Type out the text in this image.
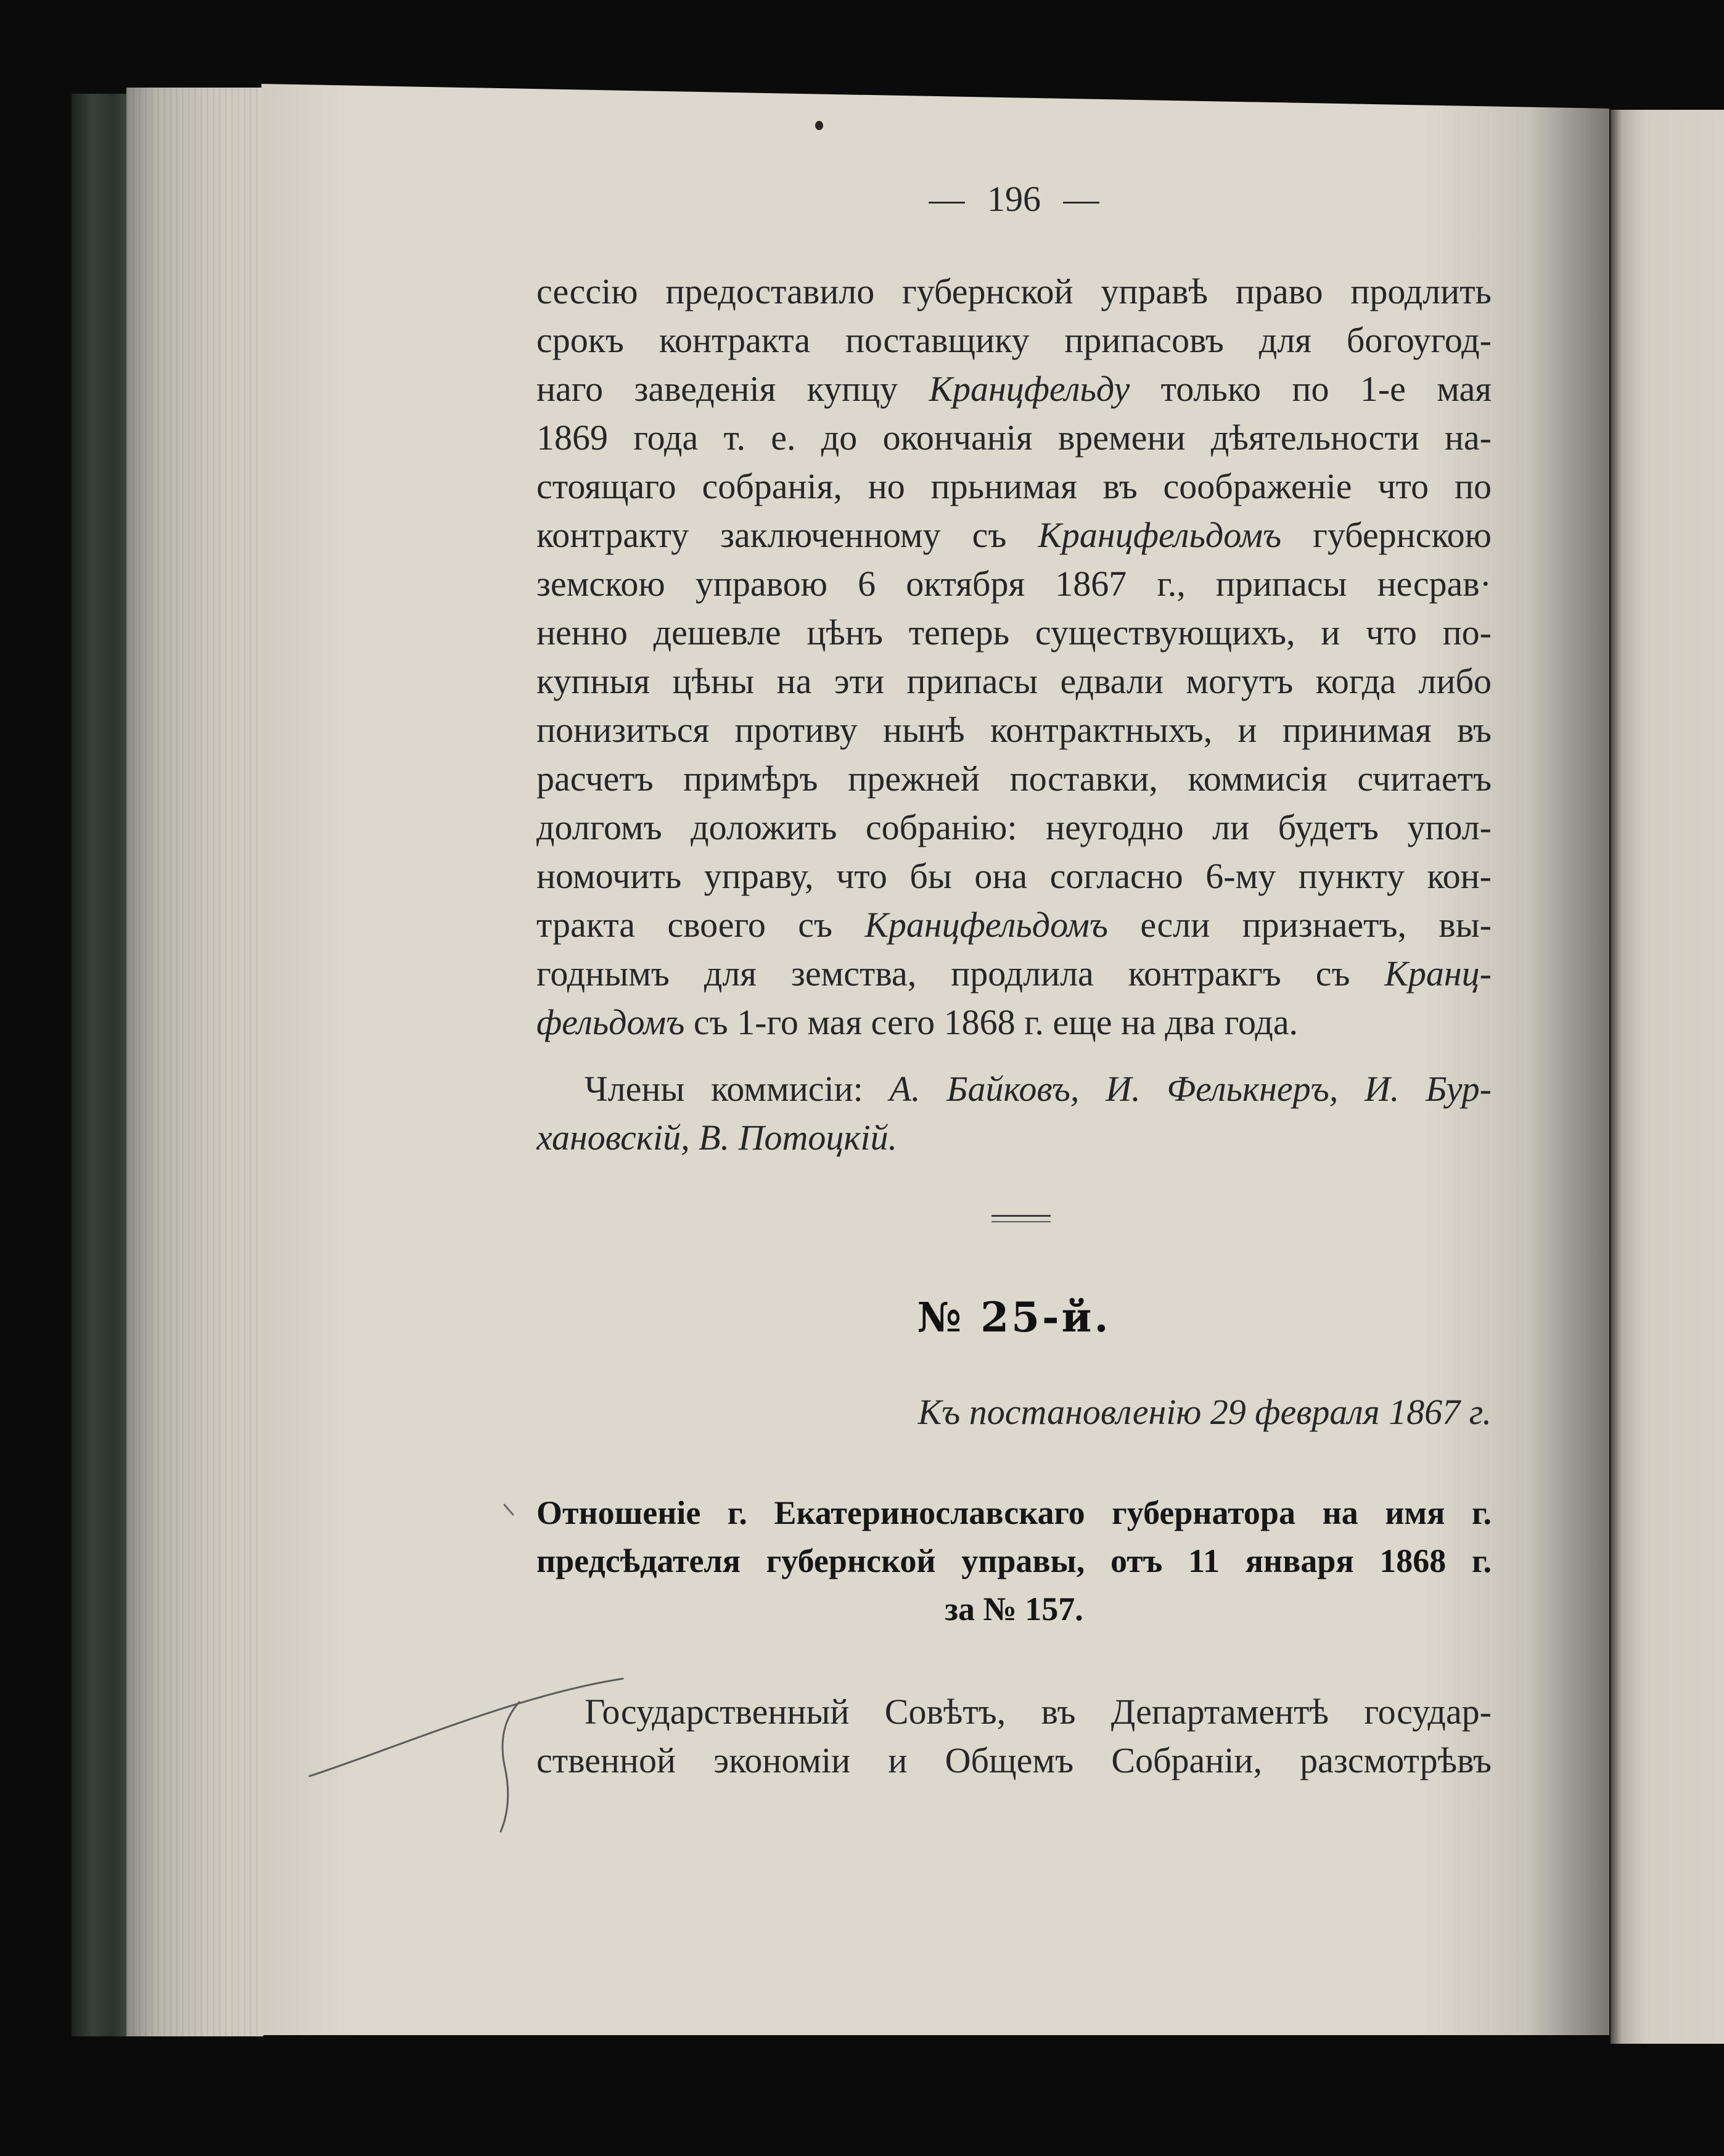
— 196 —
сессію предоставило губернской управѣ право продлить
срокъ контракта поставщику припасовъ для богоугод-
наго заведенія купцу Кранцфельду только по 1-е мая
1869 года т. е. до окончанія времени дѣятельности на-
стоящаго собранія, но прьнимая въ соображеніе что по
контракту заключенному съ Кранцфельдомъ губернскою
земскою управою 6 октября 1867 г., припасы несрав·
ненно дешевле цѣнъ теперь существующихъ, и что по-
купныя цѣны на эти припасы едвали могутъ когда либо
понизиться противу нынѣ контрактныхъ, и принимая въ
расчетъ примѣръ прежней поставки, коммисія считаетъ
долгомъ доложить собранію: неугодно ли будетъ упол-
номочить управу, что бы она согласно 6-му пункту кон-
тракта своего съ Кранцфельдомъ если признаетъ, вы-
годнымъ для земства, продлила контракгъ съ Кранц-
фельдомъ съ 1-го мая сего 1868 г. еще на два года.
Члены коммисіи: А. Байковъ, И. Фелькнеръ, И. Бур-
хановскій, В. Потоцкій.
№ 25-й.
Къ постановленію 29 февраля 1867 г.
Отношеніе г. Екатеринославскаго губернатора на имя г.
предсѣдателя губернской управы, отъ 11 января 1868 г.
за № 157.
Государственный Совѣтъ, въ Департаментѣ государ-
ственной экономіи и Общемъ Собраніи, разсмотрѣвъ
